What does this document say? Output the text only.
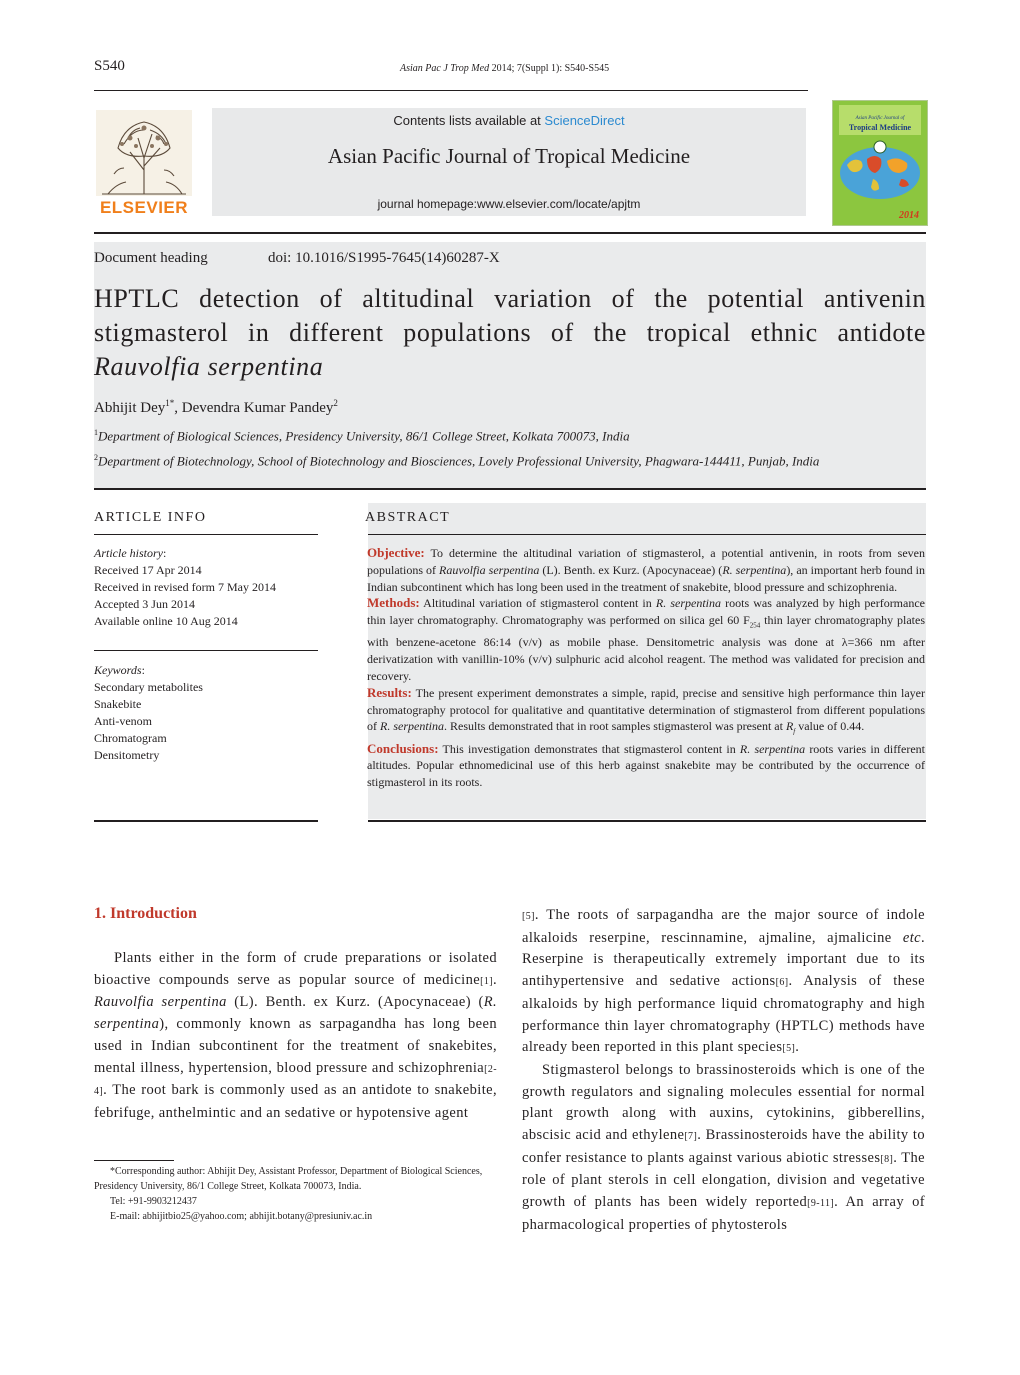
S540	Asian Pac J Trop Med 2014; 7(Suppl 1): S540-S545
ELSEVIER
Contents lists available at ScienceDirect
Asian Pacific Journal of Tropical Medicine
journal homepage:www.elsevier.com/locate/apjtm
Asian Pacific Journal of
Tropical Medicine
2014
Document heading	doi: 10.1016/S1995-7645(14)60287-X
HPTLC detection of altitudinal variation of the potential antivenin stigmasterol in different populations of the tropical ethnic antidote Rauvolfia serpentina
Abhijit Dey$^{1*}$, Devendra Kumar Pandey$^2$
$^1$Department of Biological Sciences, Presidency University, 86/1 College Street, Kolkata 700073, India
$^2$Department of Biotechnology, School of Biotechnology and Biosciences, Lovely Professional University, Phagwara-144411, Punjab, India
ARTICLE INFO	ABSTRACT
Article history:
Received 17 Apr 2014
Received in revised form 7 May 2014
Accepted 3 Jun 2014
Available online 10 Aug 2014
Keywords:
Secondary metabolites
Snakebite
Anti-venom
Chromatogram
Densitometry

Objective: To determine the altitudinal variation of stigmasterol, a potential antivenin, in roots from seven populations of Rauvolfia serpentina (L). Benth. ex Kurz. (Apocynaceae) (R. serpentina), an important herb found in Indian subcontinent which has long been used in the treatment of snakebite, blood pressure and schizophrenia.

Methods: Altitudinal variation of stigmasterol content in R. serpentina roots was analyzed by high performance thin layer chromatography. Chromatography was performed on silica gel 60 $F_{254}$ thin layer chromatography plates with benzene-acetone 86:14 (v/v) as mobile phase. Densitometric analysis was done at λ=366 nm after derivatization with vanillin-10% (v/v) sulphuric acid alcohol reagent. The method was validated for precision and recovery.

Results: The present experiment demonstrates a simple, rapid, precise and sensitive high performance thin layer chromatography protocol for qualitative and quantitative determination of stigmasterol from different populations of R. serpentina. Results demonstrated that in root samples stigmasterol was present at $R_f$ value of 0.44.

Conclusions: This investigation demonstrates that stigmasterol content in R. serpentina roots varies in different altitudes. Popular ethnomedicinal use of this herb against snakebite may be contributed by the occurrence of stigmasterol in its roots.

1. Introduction

Plants either in the form of crude preparations or isolated bioactive compounds serve as popular source of medicine[1]. Rauvolfia serpentina (L). Benth. ex Kurz. (Apocynaceae) (R. serpentina), commonly known as sarpagandha has long been used in Indian subcontinent for the treatment of snakebites, mental illness, hypertension, blood pressure and schizophrenia[2-4]. The root bark is commonly used as an antidote to snakebite, febrifuge, anthelmintic and an sedative or hypotensive agent

[5]. The roots of sarpagandha are the major source of indole alkaloids reserpine, rescinnamine, ajmaline, ajmalicine etc. Reserpine is therapeutically extremely important due to its antihypertensive and sedative actions[6]. Analysis of these alkaloids by high performance liquid chromatography and high performance thin layer chromatography (HPTLC) methods have already been reported in this plant species[5].

Stigmasterol belongs to brassinosteroids which is one of the growth regulators and signaling molecules essential for normal plant growth along with auxins, cytokinins, gibberellins, abscisic acid and ethylene[7]. Brassinosteroids have the ability to confer resistance to plants against various abiotic stresses[8]. The role of plant sterols in cell elongation, division and vegetative growth of plants has been widely reported[9-11]. An array of pharmacological properties of phytosterols

*Corresponding author: Abhijit Dey, Assistant Professor, Department of Biological Sciences, Presidency University, 86/1 College Street, Kolkata 700073, India.

Tel: +91-9903212437

E-mail: abhijitbio25@yahoo.com; abhijit.botany@presiuniv.ac.in
